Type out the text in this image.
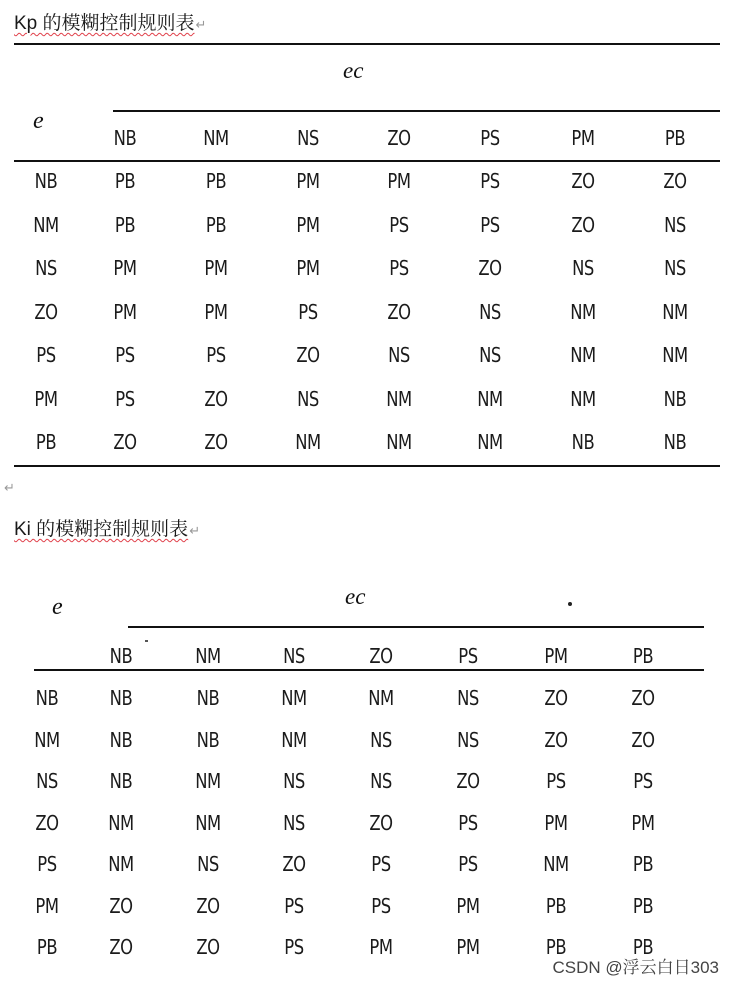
Kp 的模糊控制规则表↵
ec
e
NB	NM	NS	ZO	PS	PM	PB
NB	PB	PB	PM	PM	PS	ZO	ZO
NM	PB	PB	PM	PS	PS	ZO	NS
NS	PM	PM	PM	PS	ZO	NS	NS
ZO	PM	PM	PS	ZO	NS	NM	NM
PS	PS	PS	ZO	NS	NS	NM	NM
PM	PS	ZO	NS	NM	NM	NM	NB
PB	ZO	ZO	NM	NM	NM	NB	NB
↵
Ki 的模糊控制规则表↵
ec
e
NB	NM	NS	ZO	PS	PM	PB
NB	NB	NB	NM	NM	NS	ZO	ZO
NM	NB	NB	NM	NS	NS	ZO	ZO
NS	NB	NM	NS	NS	ZO	PS	PS
ZO	NM	NM	NS	ZO	PS	PM	PM
PS	NM	NS	ZO	PS	PS	NM	PB
PM	ZO	ZO	PS	PS	PM	PB	PB
PB	ZO	ZO	PS	PM	PM	PB	PB
CSDN @浮云白日303
